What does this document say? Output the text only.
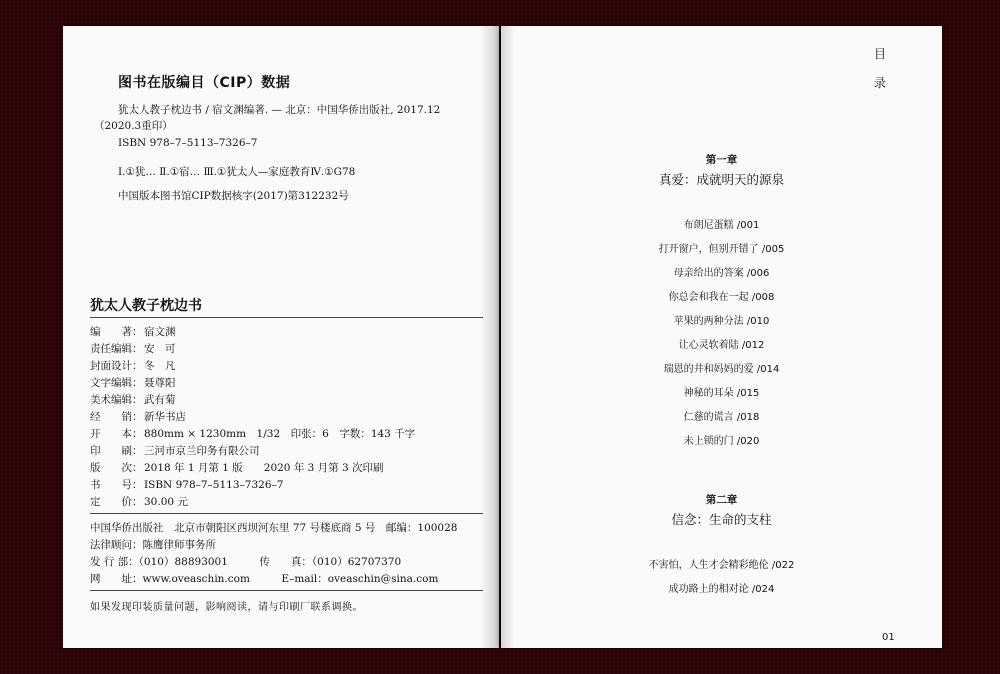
图书在版编目（CIP）数据
犹太人教子枕边书 / 宿文渊编著. — 北京：中国华侨出版社, 2017.12
（2020.3重印）
ISBN 978–7–5113–7326–7
Ⅰ.①犹… Ⅱ.①宿… Ⅲ.①犹太人—家庭教育Ⅳ.①G78
中国版本图书馆CIP数据核字(2017)第312232号
犹太人教子枕边书
编　　著： 宿文渊
责任编辑： 安　可
封面设计： 冬　凡
文字编辑： 聂尊阳
美术编辑： 武有菊
经　　销： 新华书店
开　　本： 880mm × 1230mm　1/32　印张：6　字数：143 千字
印　　刷： 三河市京兰印务有限公司
版　　次： 2018 年 1 月第 1 版　　2020 年 3 月第 3 次印刷
书　　号： ISBN 978–7–5113–7326–7
定　　价： 30.00 元
中国华侨出版社　北京市朝阳区西坝河东里 77 号楼底商 5 号　邮编：100028
法律顾问：陈鹰律师事务所
发 行 部：（010）88893001　　　传　　真：（010）62707370
网　　址：www.oveaschin.com　　　E–mail：oveaschin@sina.com
如果发现印装质量问题，影响阅读，请与印刷厂联系调换。
目
录
第一章
真爱：成就明天的源泉
布朗尼蛋糕 /001
打开窗户，但别开错了 /005
母亲给出的答案 /006
你总会和我在一起 /008
苹果的两种分法 /010
让心灵软着陆 /012
瑞恩的井和妈妈的爱 /014
神秘的耳朵 /015
仁慈的谎言 /018
未上锁的门 /020
第二章
信念：生命的支柱
不害怕，人生才会精彩绝伦 /022
成功路上的相对论 /024
01
